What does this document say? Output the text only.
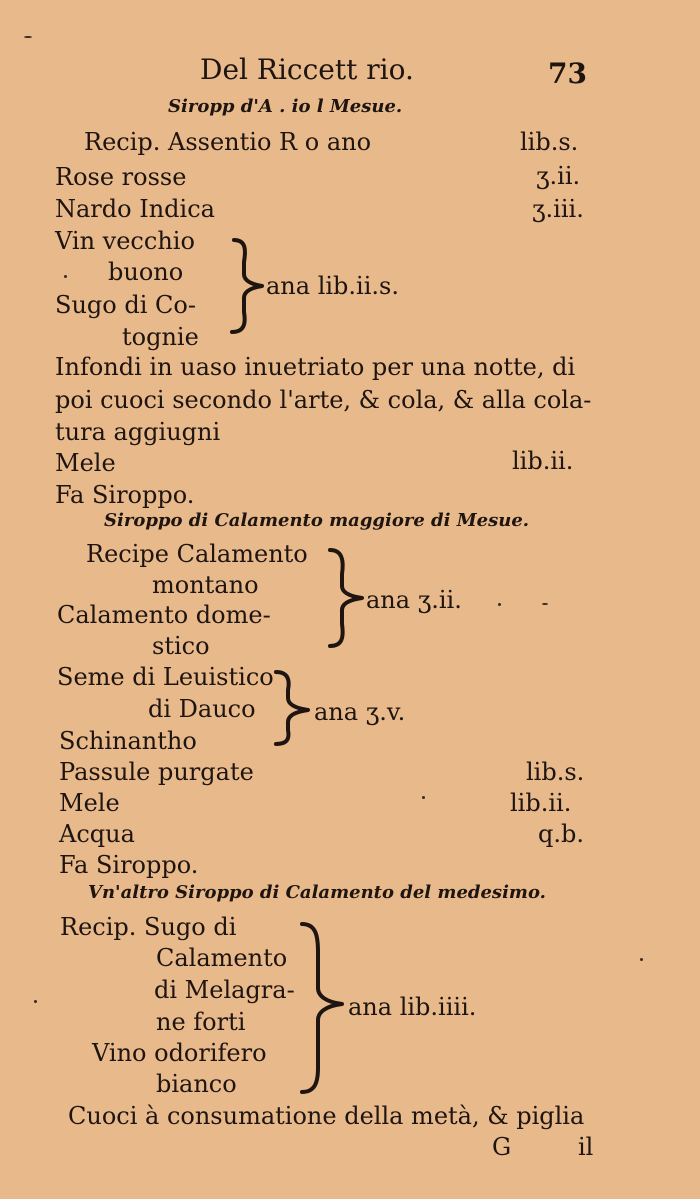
Del Riccett rio.	73
Siropp d'A . io l Mesue.
Recip. Assentio R o ano	lib.s.
Rose rosse	ʒ.ii.
Nardo Indica	ʒ.iii.
Vin vecchio
buono
Sugo di Co-
tognie
ana lib.ii.s.
Infondi in uaso inuetriato per una notte, di
poi cuoci secondo l'arte, & cola, & alla cola-
tura aggiugni
Mele	lib.ii.
Fa Siroppo.
Siroppo di Calamento maggiore di Mesue.
Recipe Calamento
montano
Calamento dome-
stico
ana ʒ.ii.
Seme di Leuistico
di Dauco
Schinantho
ana ʒ.v.
Passule purgate	lib.s.
Mele	lib.ii.
Acqua	q.b.
Fa Siroppo.
Vn'altro Siroppo di Calamento del medesimo.
Recip. Sugo di
Calamento
di Melagra-
ne forti
Vino odorifero
bianco
ana lib.iiii.
Cuoci à consumatione della metà, & piglia
G	il
